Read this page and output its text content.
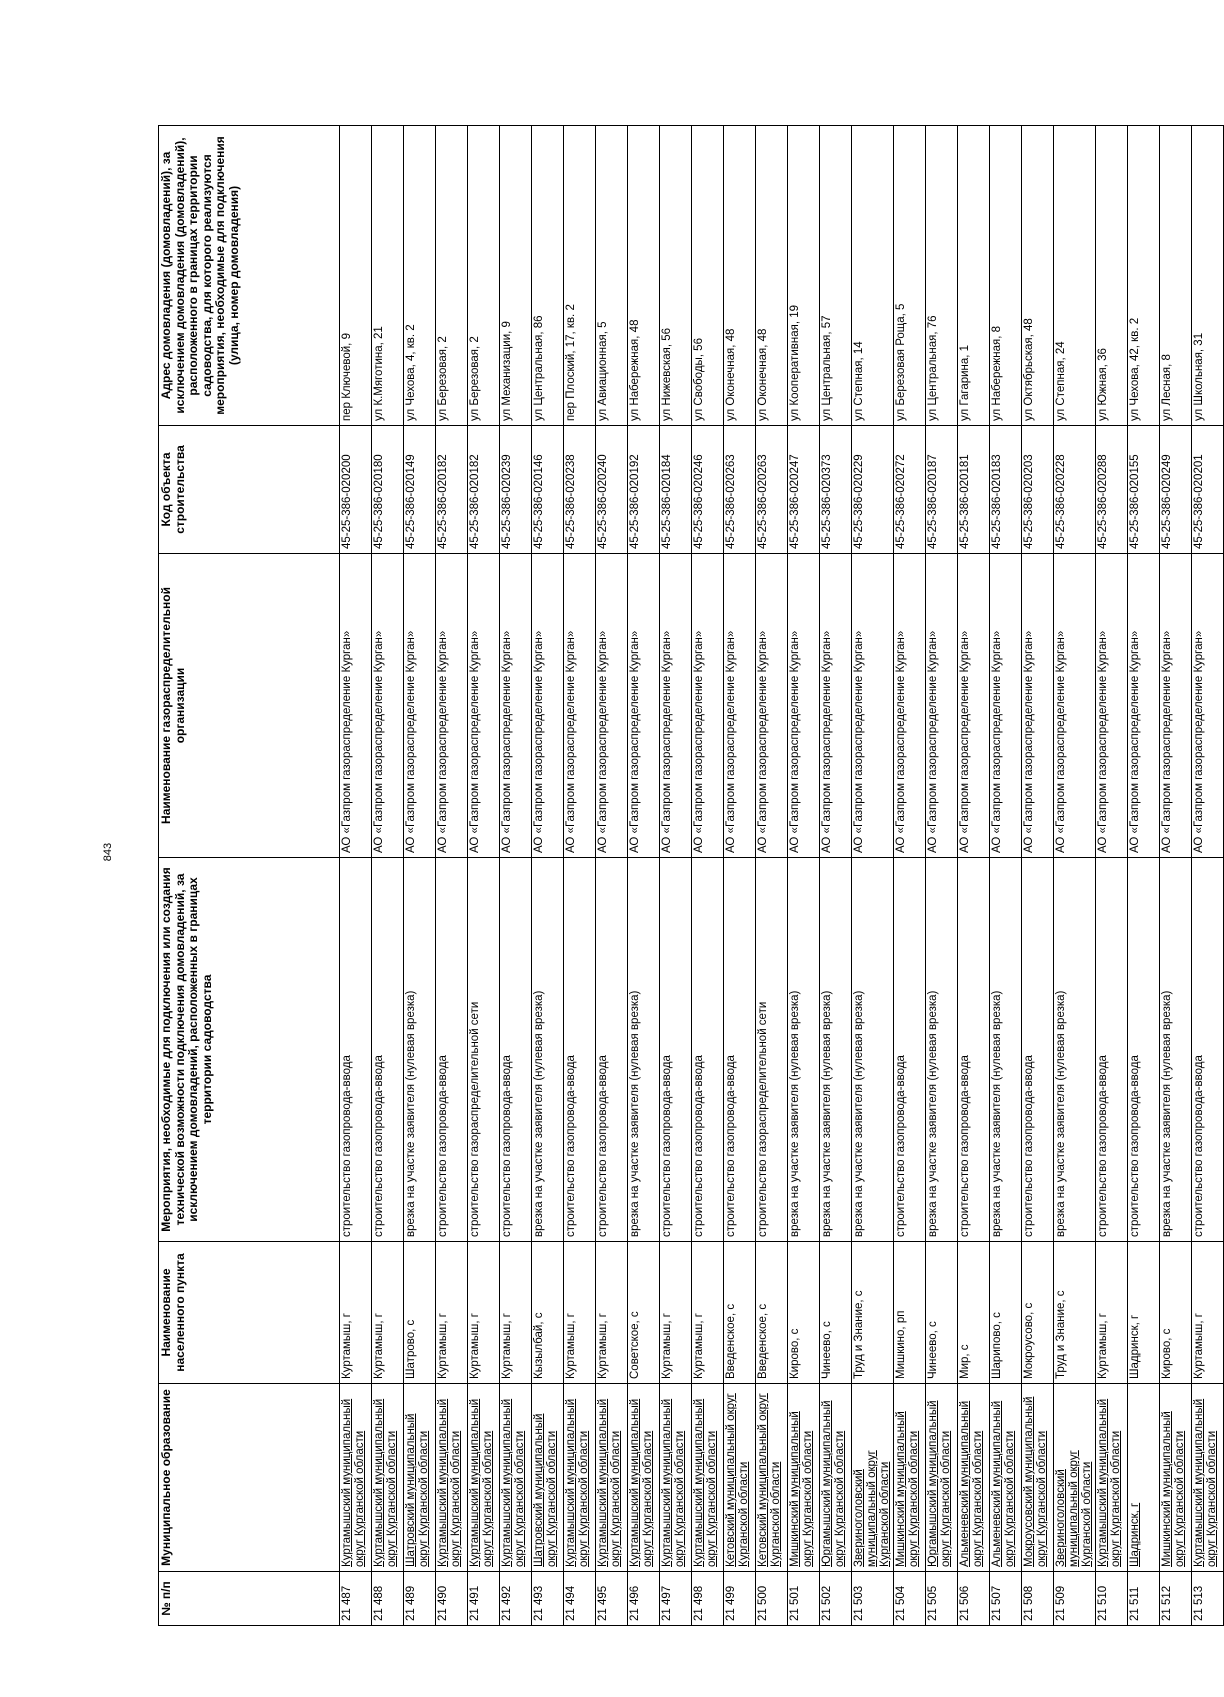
843
№ п/п	Муниципальное образование	Наименование населенного пункта	Мероприятия, необходимые для подключения или создания технической возможности подключения домовладений, за исключением домовладений, расположенных в границах территории садоводства	Наименование газораспределительной организации	Код объекта строительства	Адрес домовладения (домовладений), за исключением домовладения (домовладений), расположенного в границах территории садоводства, для которого реализуются мероприятия, необходимые для подключения (улица, номер домовладения)
21 487	Куртамышский муниципальный округ Курганской области	Куртамыш, г	строительство газопровода-ввода	АО «Газпром газораспределение Курган»	45-25-386-020200	пер Ключевой, 9
21 488	Куртамышский муниципальный округ Курганской области	Куртамыш, г	строительство газопровода-ввода	АО «Газпром газораспределение Курган»	45-25-386-020180	ул К.Мяготина, 21
21 489	Шатровский муниципальный округ Курганской области	Шатрово, с	врезка на участке заявителя (нулевая врезка)	АО «Газпром газораспределение Курган»	45-25-386-020149	ул Чехова, 4, кв. 2
21 490	Куртамышский муниципальный округ Курганской области	Куртамыш, г	строительство газопровода-ввода	АО «Газпром газораспределение Курган»	45-25-386-020182	ул Березовая, 2
21 491	Куртамышский муниципальный округ Курганской области	Куртамыш, г	строительство газораспределительной сети	АО «Газпром газораспределение Курган»	45-25-386-020182	ул Березовая, 2
21 492	Куртамышский муниципальный округ Курганской области	Куртамыш, г	строительство газопровода-ввода	АО «Газпром газораспределение Курган»	45-25-386-020239	ул Механизации, 9
21 493	Шатровский муниципальный округ Курганской области	Кызылбай, с	врезка на участке заявителя (нулевая врезка)	АО «Газпром газораспределение Курган»	45-25-386-020146	ул Центральная, 86
21 494	Куртамышский муниципальный округ Курганской области	Куртамыш, г	строительство газопровода-ввода	АО «Газпром газораспределение Курган»	45-25-386-020238	пер Плоский, 17, кв. 2
21 495	Куртамышский муниципальный округ Курганской области	Куртамыш, г	строительство газопровода-ввода	АО «Газпром газораспределение Курган»	45-25-386-020240	ул Авиационная, 5
21 496	Куртамышский муниципальный округ Курганской области	Советское, с	врезка на участке заявителя (нулевая врезка)	АО «Газпром газораспределение Курган»	45-25-386-020192	ул Набережная, 48
21 497	Куртамышский муниципальный округ Курганской области	Куртамыш, г	строительство газопровода-ввода	АО «Газпром газораспределение Курган»	45-25-386-020184	ул Нижевская, 56
21 498	Куртамышский муниципальный округ Курганской области	Куртамыш, г	строительство газопровода-ввода	АО «Газпром газораспределение Курган»	45-25-386-020246	ул Свободы, 56
21 499	Кетовский муниципальный округ Курганской области	Введенское, с	строительство газопровода-ввода	АО «Газпром газораспределение Курган»	45-25-386-020263	ул Оконечная, 48
21 500	Кетовский муниципальный округ Курганской области	Введенское, с	строительство газораспределительной сети	АО «Газпром газораспределение Курган»	45-25-386-020263	ул Оконечная, 48
21 501	Мишкинский муниципальный округ Курганской области	Кирово, с	врезка на участке заявителя (нулевая врезка)	АО «Газпром газораспределение Курган»	45-25-386-020247	ул Кооперативная, 19
21 502	Юргамышский муниципальный округ Курганской области	Чинеево, с	врезка на участке заявителя (нулевая врезка)	АО «Газпром газораспределение Курган»	45-25-386-020373	ул Центральная, 57
21 503	Звериноголовский муниципальный округ Курганской области	Труд и Знание, с	врезка на участке заявителя (нулевая врезка)	АО «Газпром газораспределение Курган»	45-25-386-020229	ул Степная, 14
21 504	Мишкинский муниципальный округ Курганской области	Мишкино, рп	строительство газопровода-ввода	АО «Газпром газораспределение Курган»	45-25-386-020272	ул Березовая Роща, 5
21 505	Юргамышский муниципальный округ Курганской области	Чинеево, с	врезка на участке заявителя (нулевая врезка)	АО «Газпром газораспределение Курган»	45-25-386-020187	ул Центральная, 76
21 506	Альменевский муниципальный округ Курганской области	Мир, с	строительство газопровода-ввода	АО «Газпром газораспределение Курган»	45-25-386-020181	ул Гагарина, 1
21 507	Альменевский муниципальный округ Курганской области	Шарипово, с	врезка на участке заявителя (нулевая врезка)	АО «Газпром газораспределение Курган»	45-25-386-020183	ул Набережная, 8
21 508	Мокроусовский муниципальный округ Курганской области	Мокроусово, с	строительство газопровода-ввода	АО «Газпром газораспределение Курган»	45-25-386-020203	ул Октябрьская, 48
21 509	Звериноголовский муниципальный округ Курганской области	Труд и Знание, с	врезка на участке заявителя (нулевая врезка)	АО «Газпром газораспределение Курган»	45-25-386-020228	ул Степная, 24
21 510	Куртамышский муниципальный округ Курганской области	Куртамыш, г	строительство газопровода-ввода	АО «Газпром газораспределение Курган»	45-25-386-020288	ул Южная, 36
21 511	Шадринск, г	Шадринск, г	строительство газопровода-ввода	АО «Газпром газораспределение Курган»	45-25-386-020155	ул Чехова, 42, кв. 2
21 512	Мишкинский муниципальный округ Курганской области	Кирово, с	врезка на участке заявителя (нулевая врезка)	АО «Газпром газораспределение Курган»	45-25-386-020249	ул Лесная, 8
21 513	Куртамышский муниципальный округ Курганской области	Куртамыш, г	строительство газопровода-ввода	АО «Газпром газораспределение Курган»	45-25-386-020201	ул Школьная, 31
